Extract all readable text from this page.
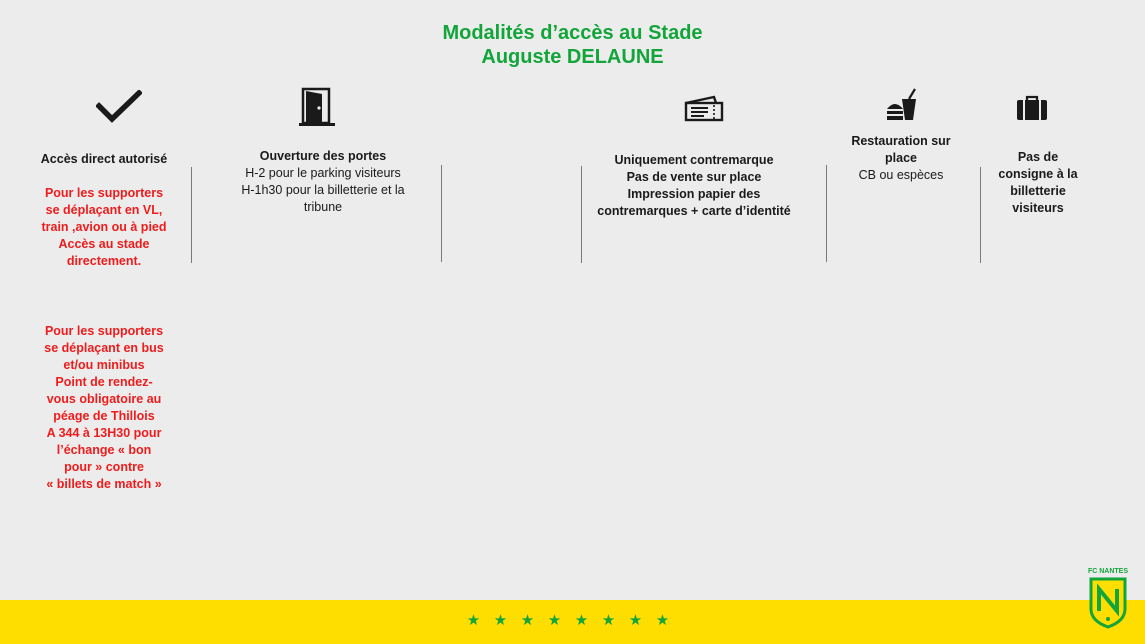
Modalités d’accès au Stade
Auguste DELAUNE
Accès direct autorisé
Pour les supporters
se déplaçant en VL,
train ,avion ou à pied
Accès au stade
directement.
Pour les supporters
se déplaçant en bus
et/ou minibus
Point de rendez-
vous obligatoire au
péage de Thillois
A 344 à 13H30 pour
l’échange « bon
pour » contre
« billets de match »
Ouverture des portes
H-2 pour le parking visiteurs
H-1h30 pour la billetterie et la
tribune
Uniquement contremarque
Pas de vente sur place
Impression papier des
contremarques + carte d’identité
Restauration sur
place
CB ou espèces
Pas de
consigne à la
billetterie
visiteurs
★ ★ ★ ★ ★ ★ ★ ★
FC NANTES
